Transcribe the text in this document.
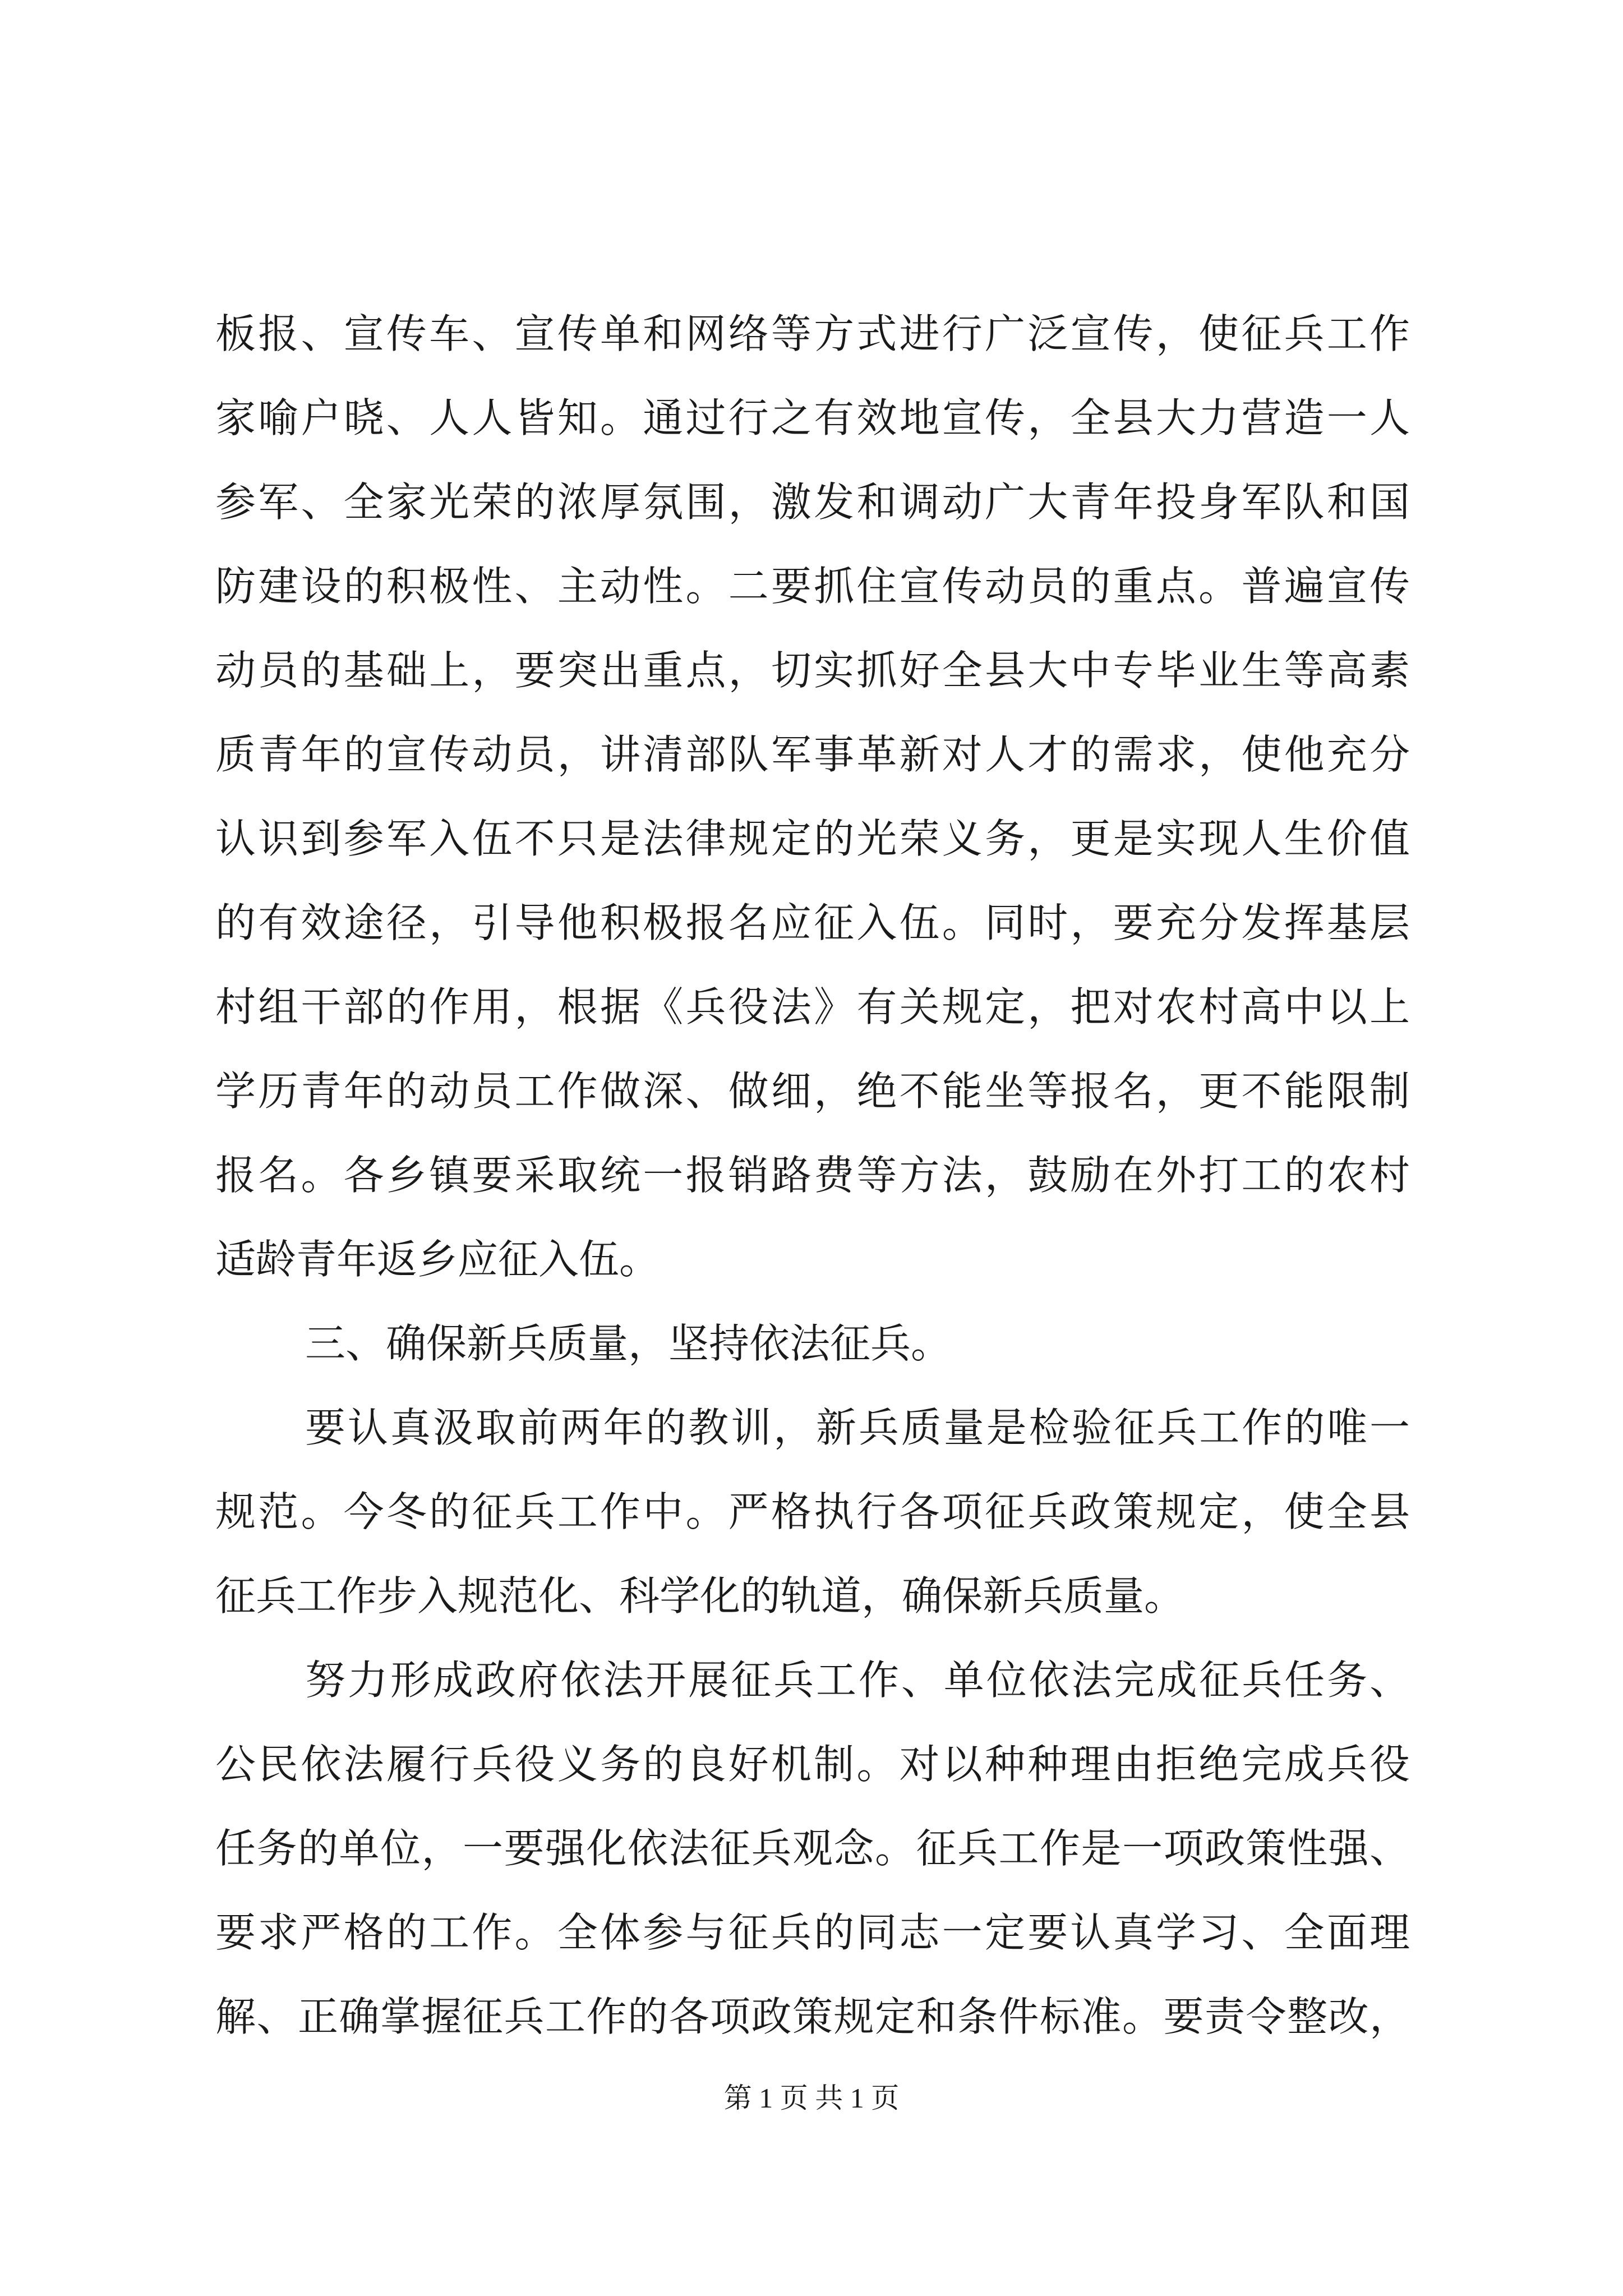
板报、宣传车、宣传单和网络等方式进行广泛宣传，使征兵工作
家喻户晓、人人皆知。通过行之有效地宣传，全县大力营造一人
参军、全家光荣的浓厚氛围，激发和调动广大青年投身军队和国
防建设的积极性、主动性。二要抓住宣传动员的重点。普遍宣传
动员的基础上，要突出重点，切实抓好全县大中专毕业生等高素
质青年的宣传动员，讲清部队军事革新对人才的需求，使他充分
认识到参军入伍不只是法律规定的光荣义务，更是实现人生价值
的有效途径，引导他积极报名应征入伍。同时，要充分发挥基层
村组干部的作用，根据《兵役法》有关规定，把对农村高中以上
学历青年的动员工作做深、做细，绝不能坐等报名，更不能限制
报名。各乡镇要采取统一报销路费等方法，鼓励在外打工的农村
适龄青年返乡应征入伍。
三、确保新兵质量，坚持依法征兵。
要认真汲取前两年的教训，新兵质量是检验征兵工作的唯一
规范。今冬的征兵工作中。严格执行各项征兵政策规定，使全县
征兵工作步入规范化、科学化的轨道，确保新兵质量。
努力形成政府依法开展征兵工作、单位依法完成征兵任务、
公民依法履行兵役义务的良好机制。对以种种理由拒绝完成兵役
任务的单位，一要强化依法征兵观念。征兵工作是一项政策性强、
要求严格的工作。全体参与征兵的同志一定要认真学习、全面理
解、正确掌握征兵工作的各项政策规定和条件标准。要责令整改，
第 1 页 共 1 页
